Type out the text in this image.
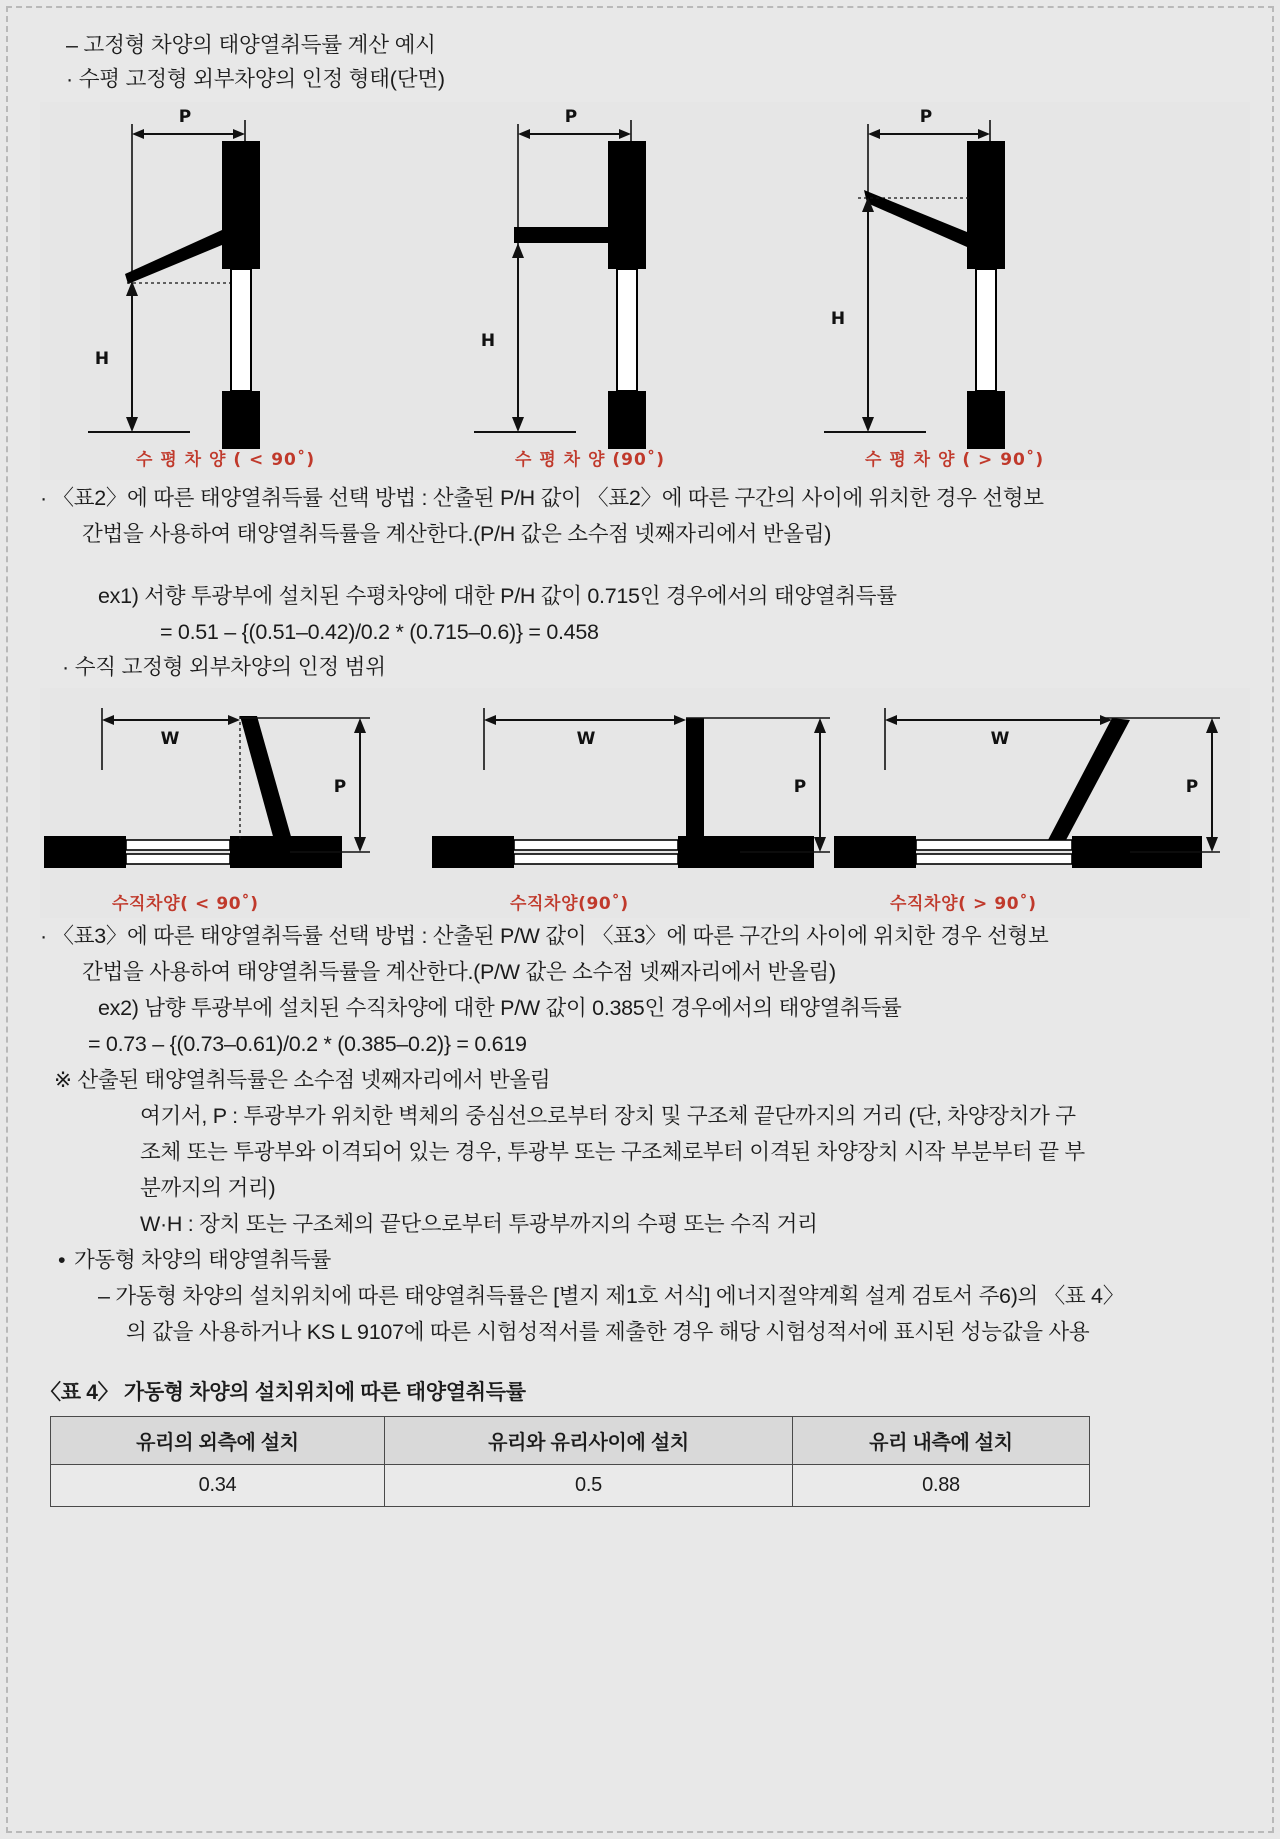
– 고정형 차양의 태양열취득률 계산 예시
· 수평 고정형 외부차양의 인정 형태(단면)
P
H
P
H
P
H
수 평 차 양 ( < 90˚)	수 평 차 양 (90˚)	수 평 차 양 ( > 90˚)
· 〈표2〉에 따른 태양열취득률 선택 방법 : 산출된 P/H 값이 〈표2〉에 따른 구간의 사이에 위치한 경우 선형보
간법을 사용하여 태양열취득률을 계산한다.(P/H 값은 소수점 넷째자리에서 반올림)
ex1) 서향 투광부에 설치된 수평차양에 대한 P/H 값이 0.715인 경우에서의 태양열취득률
= 0.51 – {(0.51–0.42)/0.2 * (0.715–0.6)} = 0.458
· 수직 고정형 외부차양의 인정 범위
W
P
W
P
W
P
수직차양( < 90˚)	수직차양(90˚)	수직차양( > 90˚)
· 〈표3〉에 따른 태양열취득률 선택 방법 : 산출된 P/W 값이 〈표3〉에 따른 구간의 사이에 위치한 경우 선형보
간법을 사용하여 태양열취득률을 계산한다.(P/W 값은 소수점 넷째자리에서 반올림)
ex2) 남향 투광부에 설치된 수직차양에 대한 P/W 값이 0.385인 경우에서의 태양열취득률
= 0.73 – {(0.73–0.61)/0.2 * (0.385–0.2)} = 0.619
※ 산출된 태양열취득률은 소수점 넷째자리에서 반올림
여기서, P : 투광부가 위치한 벽체의 중심선으로부터 장치 및 구조체 끝단까지의 거리 (단, 차양장치가 구
조체 또는 투광부와 이격되어 있는 경우, 투광부 또는 구조체로부터 이격된 차양장치 시작 부분부터 끝 부
분까지의 거리)
W·H : 장치 또는 구조체의 끝단으로부터 투광부까지의 수평 또는 수직 거리
• 가동형 차양의 태양열취득률
– 가동형 차양의 설치위치에 따른 태양열취득률은 [별지 제1호 서식] 에너지절약계획 설계 검토서 주6)의 〈표 4〉
의 값을 사용하거나 KS L 9107에 따른 시험성적서를 제출한 경우 해당 시험성적서에 표시된 성능값을 사용
〈표 4〉 가동형 차양의 설치위치에 따른 태양열취득률
유리의 외측에 설치	유리와 유리사이에 설치	유리 내측에 설치
0.34	0.5	0.88
